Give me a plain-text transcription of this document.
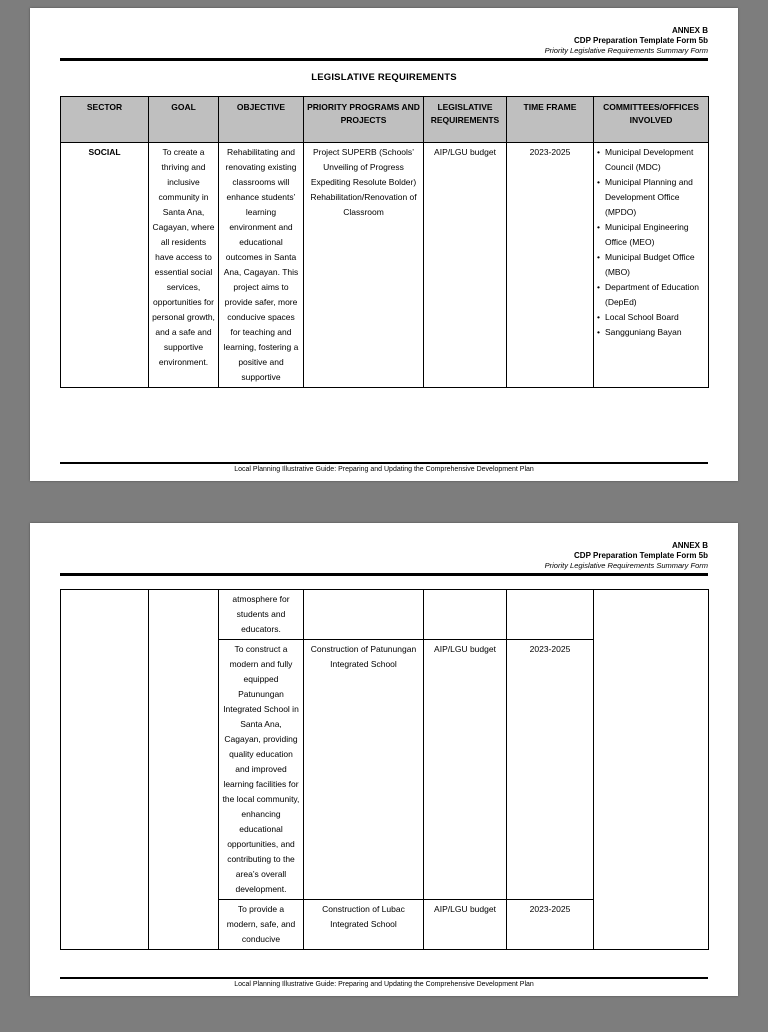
ANNEX B
CDP Preparation Template Form 5b
Priority Legislative Requirements Summary Form
LEGISLATIVE REQUIREMENTS
SECTOR	GOAL	OBJECTIVE	PRIORITY PROGRAMS AND PROJECTS	LEGISLATIVE REQUIREMENTS	TIME FRAME	COMMITTEES/OFFICES INVOLVED
SOCIAL	To create a thriving and inclusive community in Santa Ana, Cagayan, where all residents have access to essential social services, opportunities for personal growth, and a safe and supportive environment.	Rehabilitating and renovating existing classrooms will enhance students’ learning environment and educational outcomes in Santa Ana, Cagayan. This project aims to provide safer, more conducive spaces for teaching and learning, fostering a positive and supportive	Project SUPERB (Schools’ Unveiling of Progress Expediting Resolute Bolder) Rehabilitation/Renovation of Classroom	AIP/LGU budget	2023-2025	• Municipal Development Council (MDC)
• Municipal Planning and Development Office (MPDO)
• Municipal Engineering Office (MEO)
• Municipal Budget Office (MBO)
• Department of Education (DepEd)
• Local School Board
• Sangguniang Bayan
Local Planning Illustrative Guide: Preparing and Updating the Comprehensive Development Plan
ANNEX B
CDP Preparation Template Form 5b
Priority Legislative Requirements Summary Form
		atmosphere for students and educators.				
		To construct a modern and fully equipped Patunungan Integrated School in Santa Ana, Cagayan, providing quality education and improved learning facilities for the local community, enhancing educational opportunities, and contributing to the area’s overall development.	Construction of Patunungan Integrated School	AIP/LGU budget	2023-2025	
		To provide a modern, safe, and conducive	Construction of Lubac Integrated School	AIP/LGU budget	2023-2025	
Local Planning Illustrative Guide: Preparing and Updating the Comprehensive Development Plan
